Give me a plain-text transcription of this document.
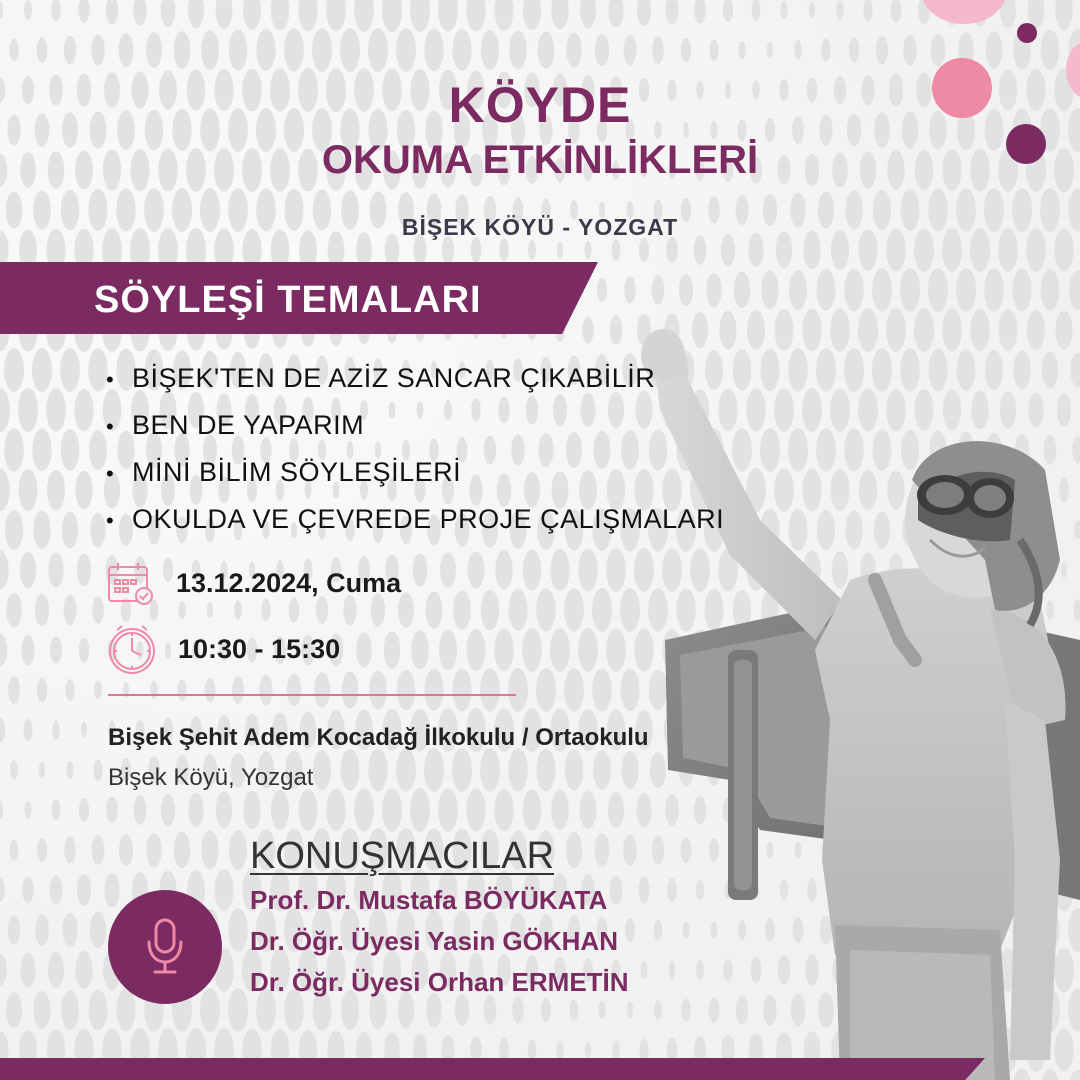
KÖYDE
OKUMA ETKİNLİKLERİ
BİŞEK KÖYÜ - YOZGAT
SÖYLEŞİ TEMALARI
• BİŞEK'TEN DE AZİZ SANCAR ÇIKABİLİR
• BEN DE YAPARIM
• MİNİ BİLİM SÖYLEŞİLERİ
• OKULDA VE ÇEVREDE PROJE ÇALIŞMALARI
13.12.2024, Cuma
10:30 - 15:30
Bişek Şehit Adem Kocadağ İlkokulu / Ortaokulu
Bişek Köyü, Yozgat
KONUŞMACILAR
Prof. Dr. Mustafa BÖYÜKATA
Dr. Öğr. Üyesi Yasin GÖKHAN
Dr. Öğr. Üyesi Orhan ERMETİN
